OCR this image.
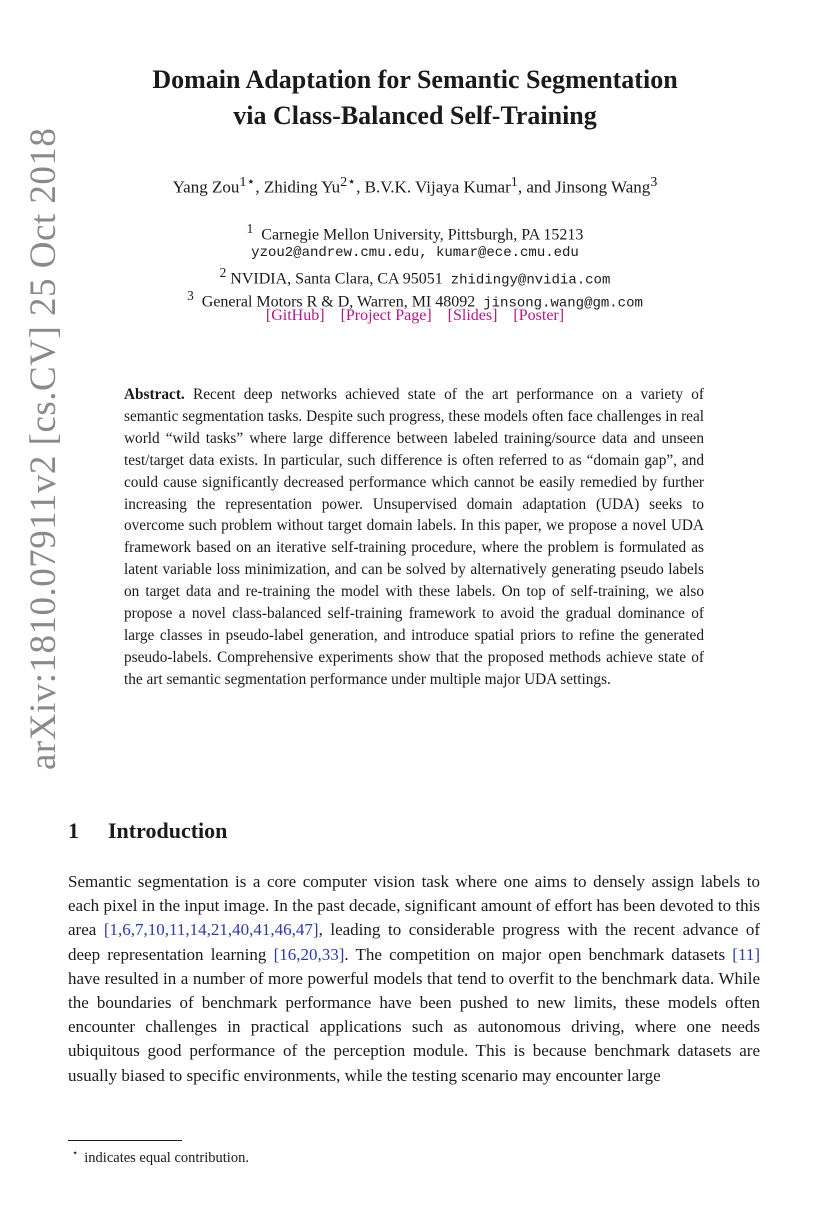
arXiv:1810.07911v2 [cs.CV] 25 Oct 2018
Domain Adaptation for Semantic Segmentation
via Class-Balanced Self-Training
Yang Zou$^{1⋆}$, Zhiding $Yu^{2⋆}$, B.V.K. Vijaya Kumar$^1$, and Jinsong Wang$^3$
$^1$ Carnegie Mellon University, Pittsburgh, PA 15213
yzou2@andrew.cmu.edu, kumar@ece.cmu.edu
$^2$ NVIDIA, Santa Clara, CA 95051 zhidingy@nvidia.com
$^3$ General Motors R & D, Warren, MI 48092 jinsong.wang@gm.com
[GitHub] [Project Page] [Slides] [Poster]
Abstract. Recent deep networks achieved state of the art performance on a variety of semantic segmentation tasks. Despite such progress, these models often face challenges in real world “wild tasks” where large difference between labeled training/source data and unseen test/target data exists. In particular, such difference is often referred to as “domain gap”, and could cause significantly decreased performance which cannot be easily remedied by further increasing the representation power. Unsupervised domain adaptation (UDA) seeks to overcome such problem without target domain labels. In this paper, we propose a novel UDA framework based on an iterative self-training procedure, where the problem is formulated as latent variable loss minimization, and can be solved by alternatively generating pseudo labels on target data and re-training the model with these labels. On top of self-training, we also propose a novel class-balanced self-training framework to avoid the gradual dominance of large classes in pseudo-label generation, and introduce spatial priors to refine the generated pseudo-labels. Comprehensive experiments show that the proposed methods achieve state of the art semantic segmentation performance under multiple major UDA settings.
1 Introduction
Semantic segmentation is a core computer vision task where one aims to densely assign labels to each pixel in the input image. In the past decade, significant amount of effort has been devoted to this area [1,6,7,10,11,14,21,40,41,46,47], leading to considerable progress with the recent advance of deep representation learning [16,20,33]. The competition on major open benchmark datasets [11] have resulted in a number of more powerful models that tend to overfit to the benchmark data. While the boundaries of benchmark performance have been pushed to new limits, these models often encounter challenges in practical applications such as autonomous driving, where one needs ubiquitous good performance of the perception module. This is because benchmark datasets are usually biased to specific environments, while the testing scenario may encounter large
⋆ indicates equal contribution.
